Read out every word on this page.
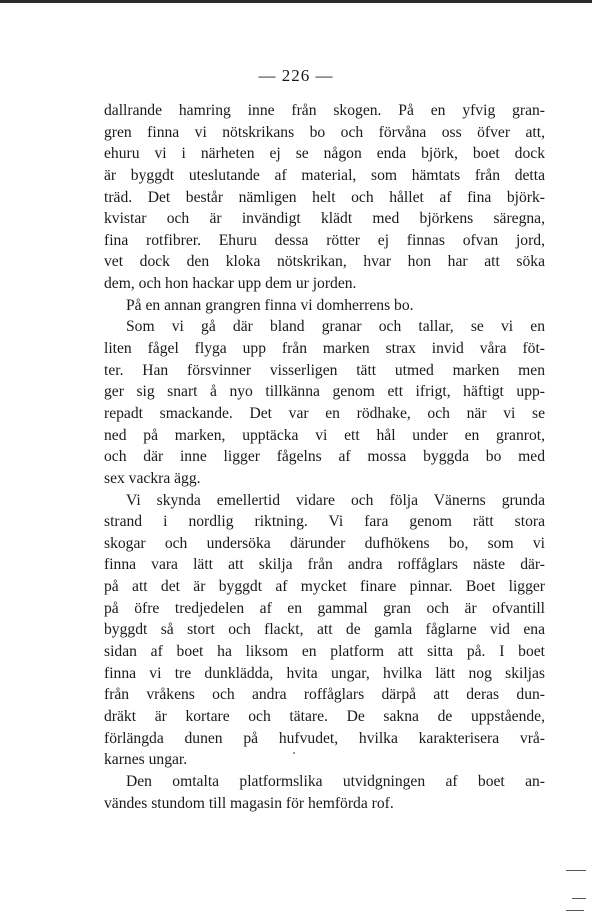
— 226 —
dallrande hamring inne från skogen. På en yfvig gran-
gren finna vi nötskrikans bo och förvåna oss öfver att,
ehuru vi i närheten ej se någon enda björk, boet dock
är byggdt uteslutande af material, som hämtats från detta
träd. Det består nämligen helt och hållet af fina björk-
kvistar och är invändigt klädt med björkens säregna,
fina rotfibrer. Ehuru dessa rötter ej finnas ofvan jord,
vet dock den kloka nötskrikan, hvar hon har att söka
dem, och hon hackar upp dem ur jorden.
På en annan grangren finna vi domherrens bo.
Som vi gå där bland granar och tallar, se vi en
liten fågel flyga upp från marken strax invid våra föt-
ter. Han försvinner visserligen tätt utmed marken men
ger sig snart å nyo tillkänna genom ett ifrigt, häftigt upp-
repadt smackande. Det var en rödhake, och när vi se
ned på marken, upptäcka vi ett hål under en granrot,
och där inne ligger fågelns af mossa byggda bo med
sex vackra ägg.
Vi skynda emellertid vidare och följa Vänerns grunda
strand i nordlig riktning. Vi fara genom rätt stora
skogar och undersöka därunder dufhökens bo, som vi
finna vara lätt att skilja från andra roffåglars näste där-
på att det är byggdt af mycket finare pinnar. Boet ligger
på öfre tredjedelen af en gammal gran och är ofvantill
byggdt så stort och flackt, att de gamla fåglarne vid ena
sidan af boet ha liksom en platform att sitta på. I boet
finna vi tre dunklädda, hvita ungar, hvilka lätt nog skiljas
från vråkens och andra roffåglars därpå att deras dun-
dräkt är kortare och tätare. De sakna de uppstående,
förlängda dunen på hufvudet, hvilka karakterisera vrå-
karnes ungar.
Den omtalta platformslika utvidgningen af boet an-
vändes stundom till magasin för hemförda rof.
